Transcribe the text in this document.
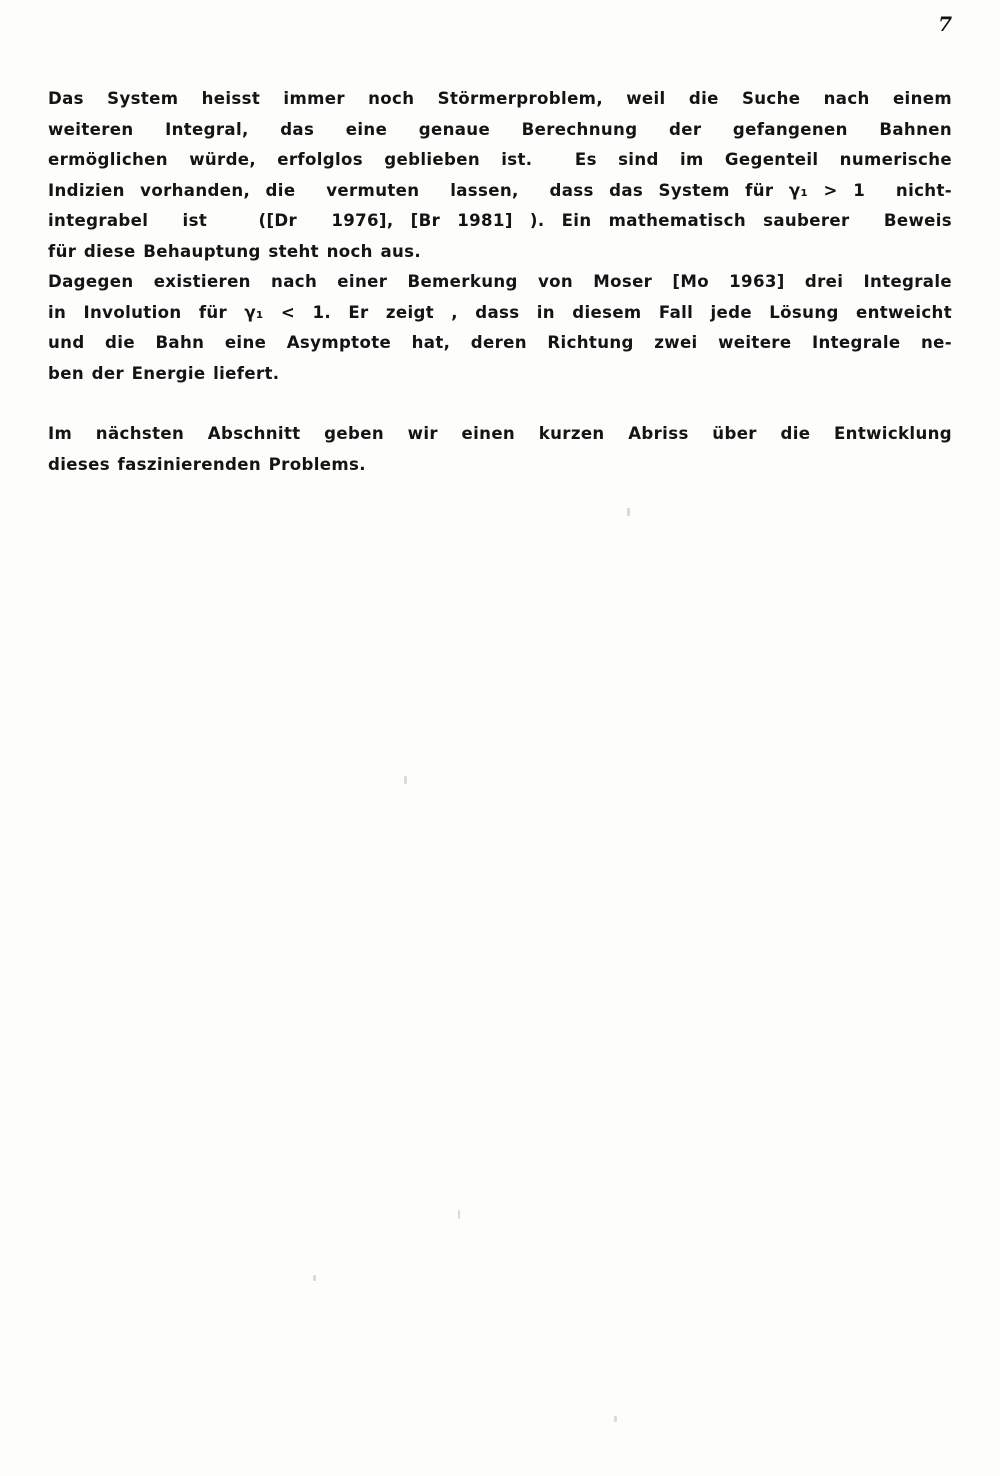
7
Das System heisst immer noch Störmerproblem, weil die Suche nach einem
weiteren Integral, das eine genaue Berechnung der gefangenen Bahnen
ermöglichen würde, erfolglos geblieben ist.  Es sind im Gegenteil numerische
Indizien vorhanden, die  vermuten  lassen,  dass das System für γ₁ > 1  nicht-
integrabel  ist   ([Dr  1976], [Br 1981] ). Ein mathematisch sauberer  Beweis
für diese Behauptung steht noch aus.
Dagegen existieren nach einer Bemerkung von Moser [Mo 1963] drei Integrale
in Involution für γ₁ < 1. Er zeigt , dass in diesem Fall jede Lösung entweicht
und die Bahn eine Asymptote hat, deren Richtung zwei weitere Integrale ne-
ben der Energie liefert.
Im nächsten Abschnitt geben wir einen kurzen Abriss über die Entwicklung
dieses faszinierenden Problems.
